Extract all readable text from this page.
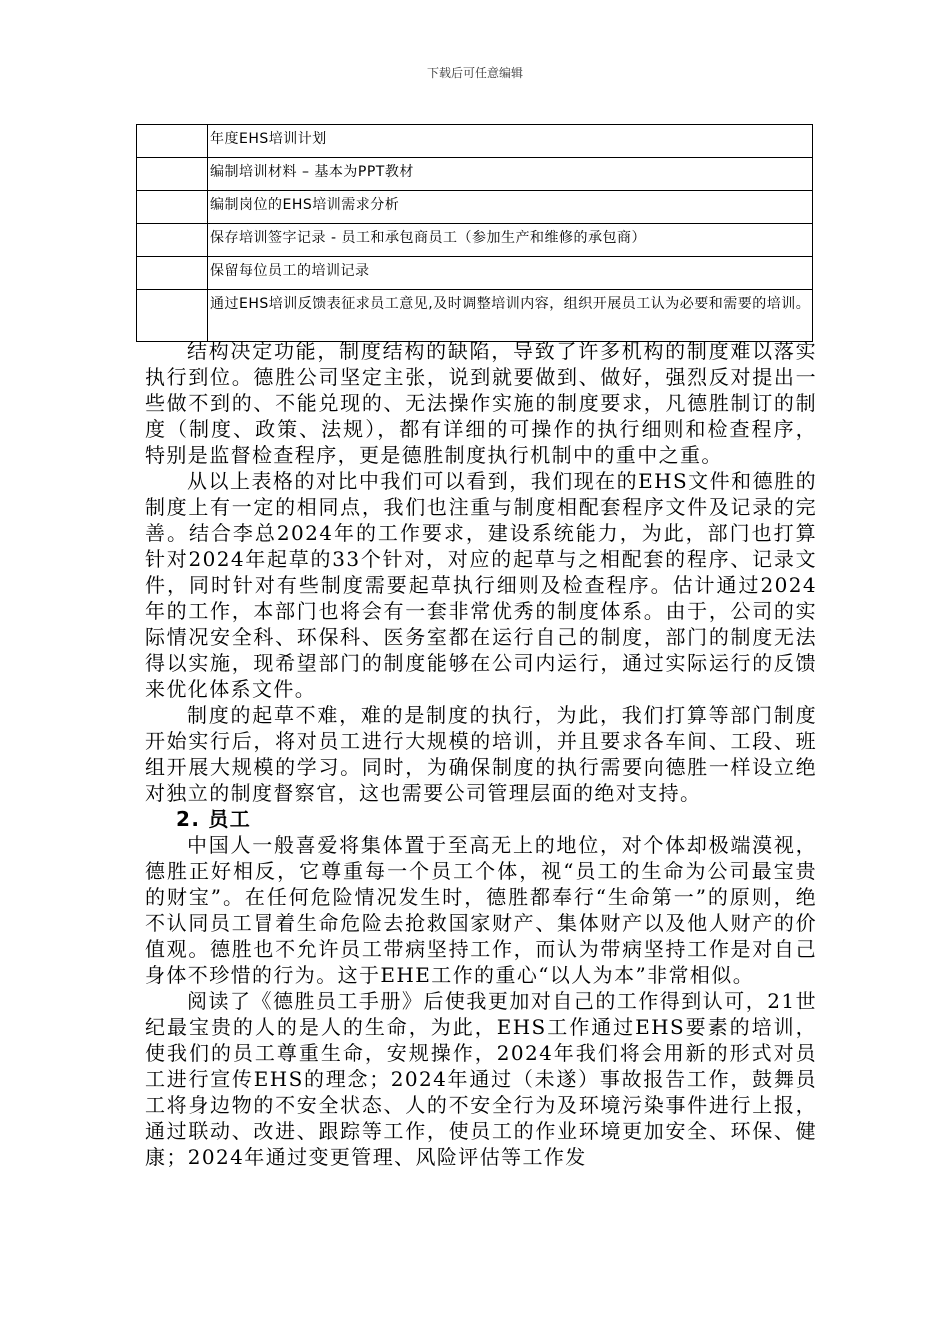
下载后可任意编辑
	年度EHS培训计划
	编制培训材料 – 基本为PPT教材
	编制岗位的EHS培训需求分析
	保存培训签字记录 - 员工和承包商员工（参加生产和维修的承包商）
	保留每位员工的培训记录
	通过EHS培训反馈表征求员工意见,及时调整培训内容，组织开展员工认为必要和需要的培训。

结构决定功能，制度结构的缺陷，导致了许多机构的制度难以落实执行到位。德胜公司坚定主张，说到就要做到、做好，强烈反对提出一些做不到的、不能兑现的、无法操作实施的制度要求，凡德胜制订的制度（制度、政策、法规），都有详细的可操作的执行细则和检查程序，特别是监督检查程序，更是德胜制度执行机制中的重中之重。

从以上表格的对比中我们可以看到，我们现在的EHS文件和德胜的制度上有一定的相同点，我们也注重与制度相配套程序文件及记录的完善。结合李总2024年的工作要求，建设系统能力，为此，部门也打算针对2024年起草的33个针对，对应的起草与之相配套的程序、记录文件，同时针对有些制度需要起草执行细则及检查程序。估计通过2024年的工作，本部门也将会有一套非常优秀的制度体系。由于，公司的实际情况安全科、环保科、医务室都在运行自己的制度，部门的制度无法得以实施，现希望部门的制度能够在公司内运行，通过实际运行的反馈来优化体系文件。

制度的起草不难，难的是制度的执行，为此，我们打算等部门制度开始实行后，将对员工进行大规模的培训，并且要求各车间、工段、班组开展大规模的学习。同时，为确保制度的执行需要向德胜一样设立绝对独立的制度督察官，这也需要公司管理层面的绝对支持。

2. 员工

中国人一般喜爱将集体置于至高无上的地位，对个体却极端漠视，德胜正好相反，它尊重每一个员工个体，视“员工的生命为公司最宝贵的财宝”。在任何危险情况发生时，德胜都奉行“生命第一”的原则，绝不认同员工冒着生命危险去抢救国家财产、集体财产以及他人财产的价值观。德胜也不允许员工带病坚持工作，而认为带病坚持工作是对自己身体不珍惜的行为。这于EHE工作的重心“以人为本”非常相似。

阅读了《德胜员工手册》后使我更加对自己的工作得到认可，21世纪最宝贵的人的是人的生命，为此，EHS工作通过EHS要素的培训，使我们的员工尊重生命，安规操作，2024年我们将会用新的形式对员工进行宣传EHS的理念；2024年通过（未遂）事故报告工作，鼓舞员工将身边物的不安全状态、人的不安全行为及环境污染事件进行上报，通过联动、改进、跟踪等工作，使员工的作业环境更加安全、环保、健康；2024年通过变更管理、风险评估等工作发
